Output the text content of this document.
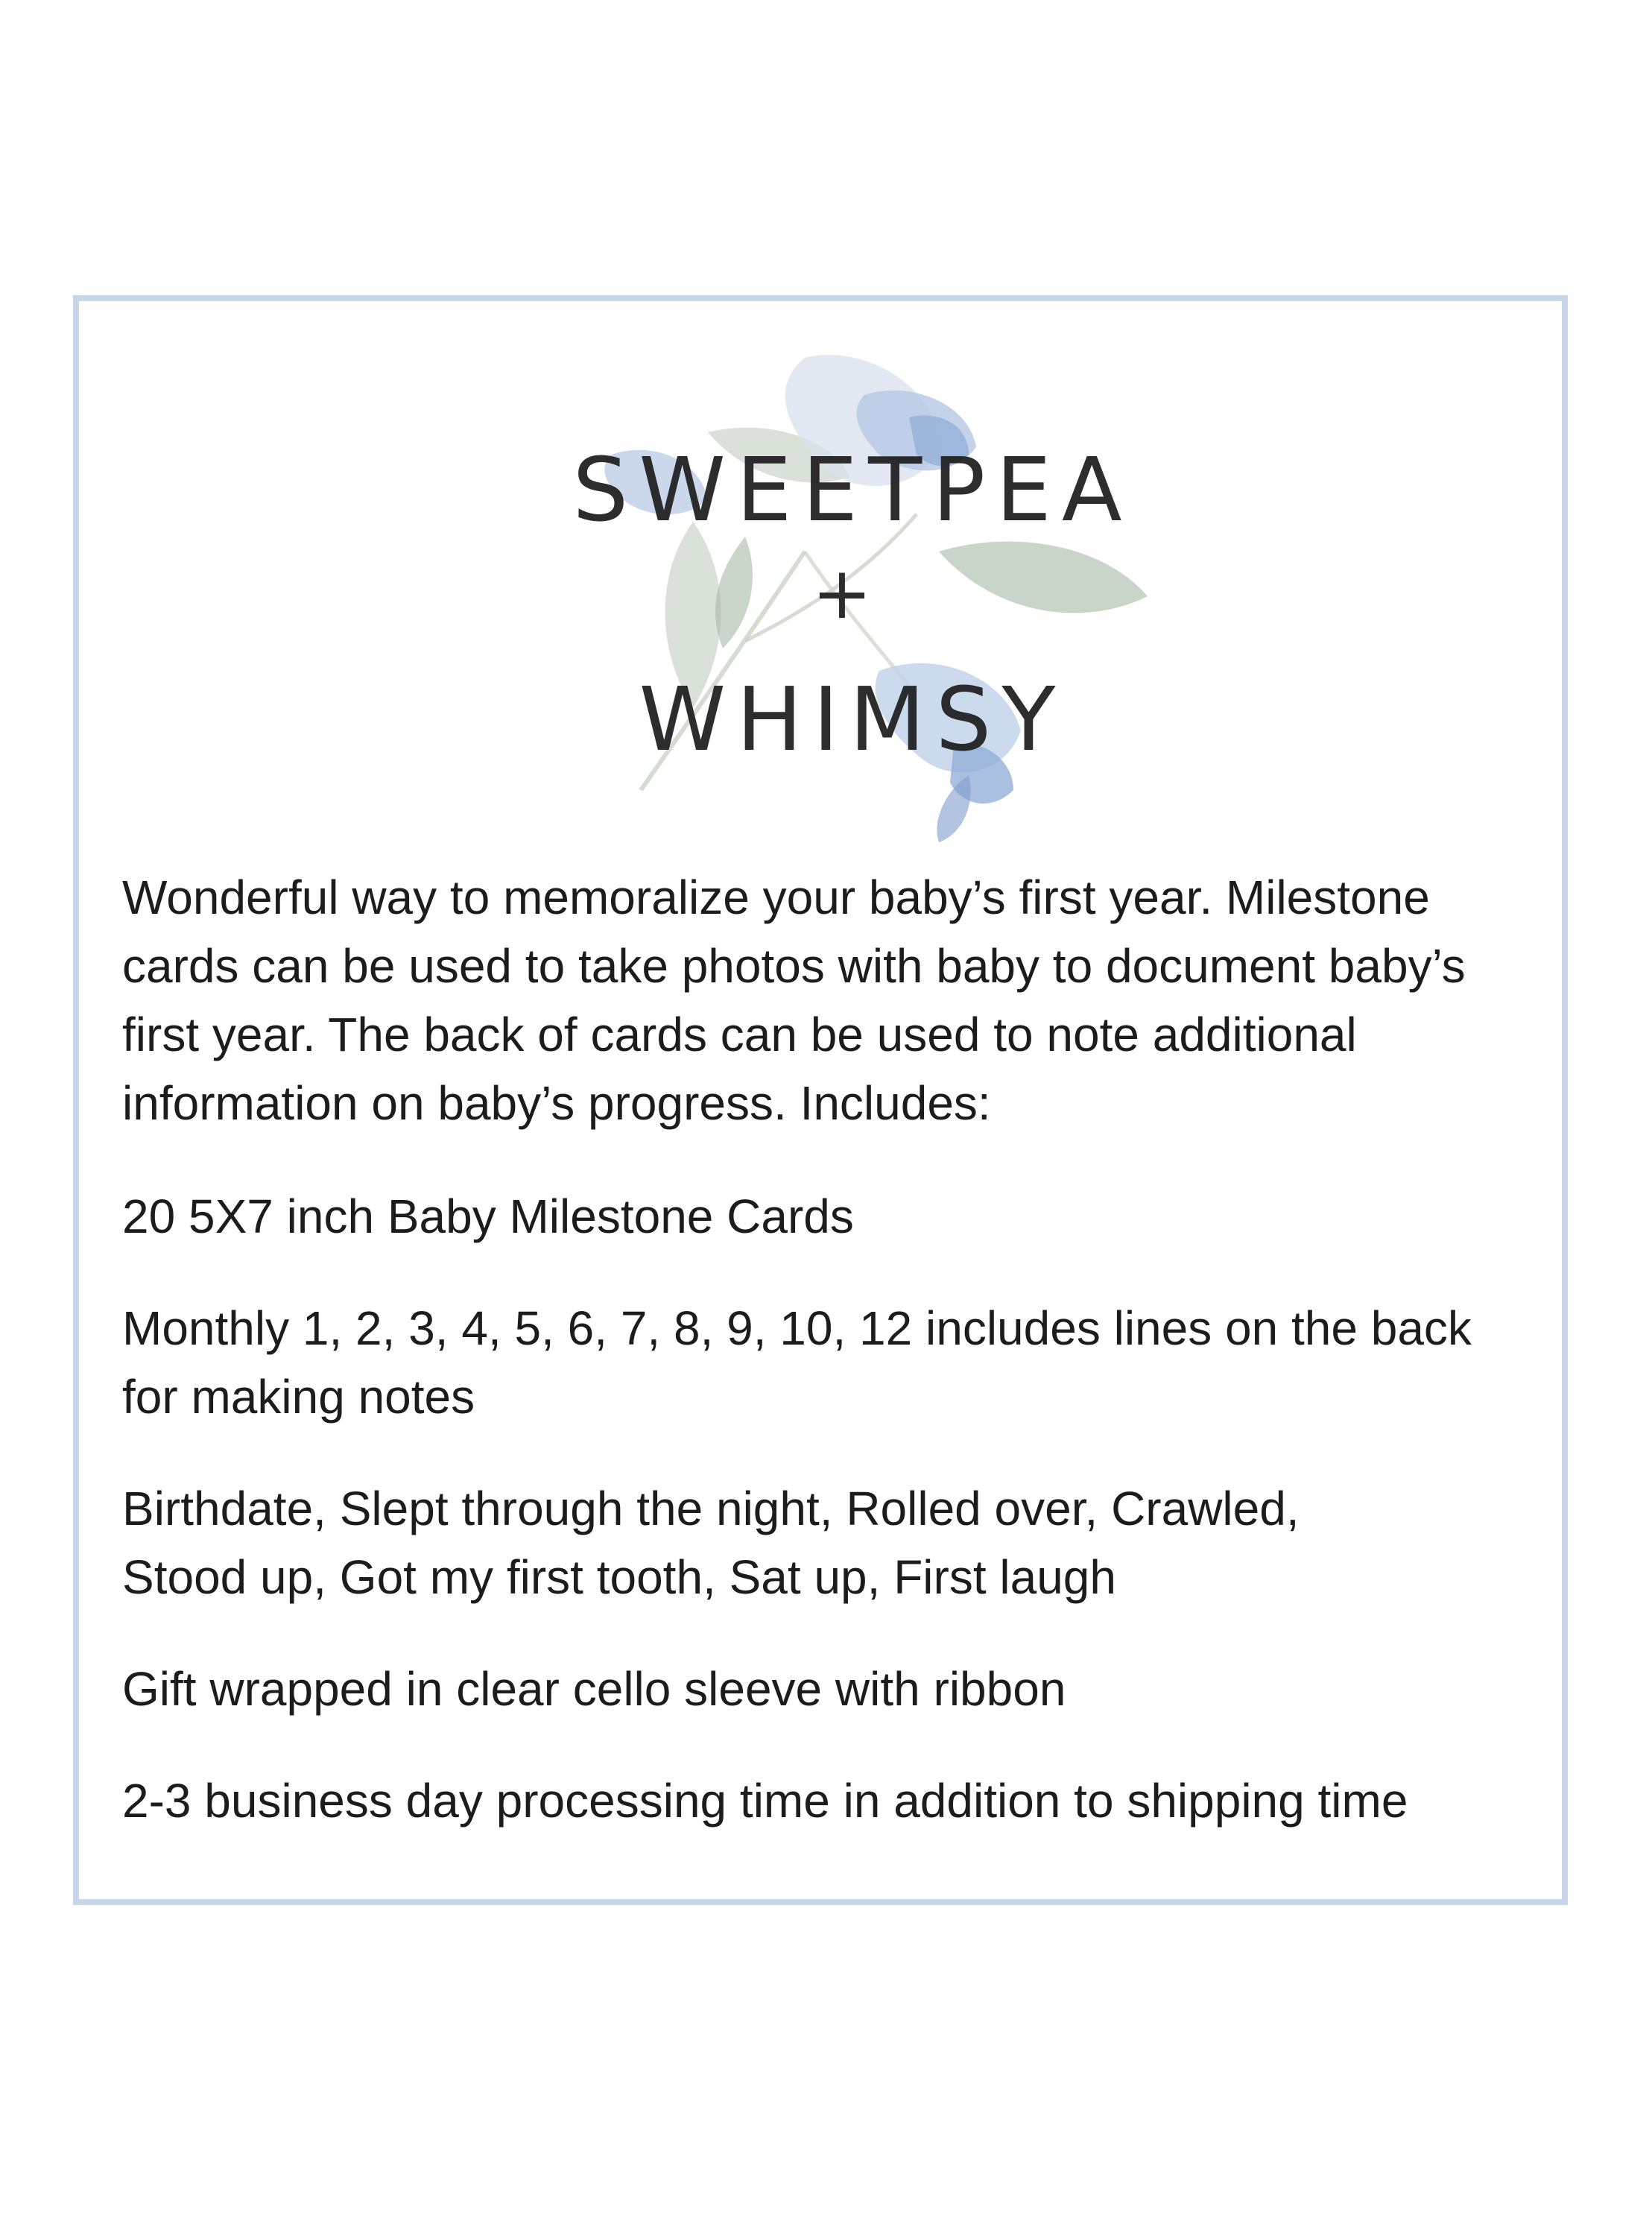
SWEETPEA
+
WHIMSY

Wonderful way to memoralize your baby’s first year. Milestone
cards can be used to take photos with baby to document baby’s
first year. The back of cards can be used to note additional
information on baby’s progress. Includes:

20 5X7 inch Baby Milestone Cards

Monthly 1, 2, 3, 4, 5, 6, 7, 8, 9, 10, 12 includes lines on the back
for making notes

Birthdate, Slept through the night, Rolled over, Crawled,
Stood up, Got my first tooth, Sat up, First laugh

Gift wrapped in clear cello sleeve with ribbon

2-3 business day processing time in addition to shipping time
